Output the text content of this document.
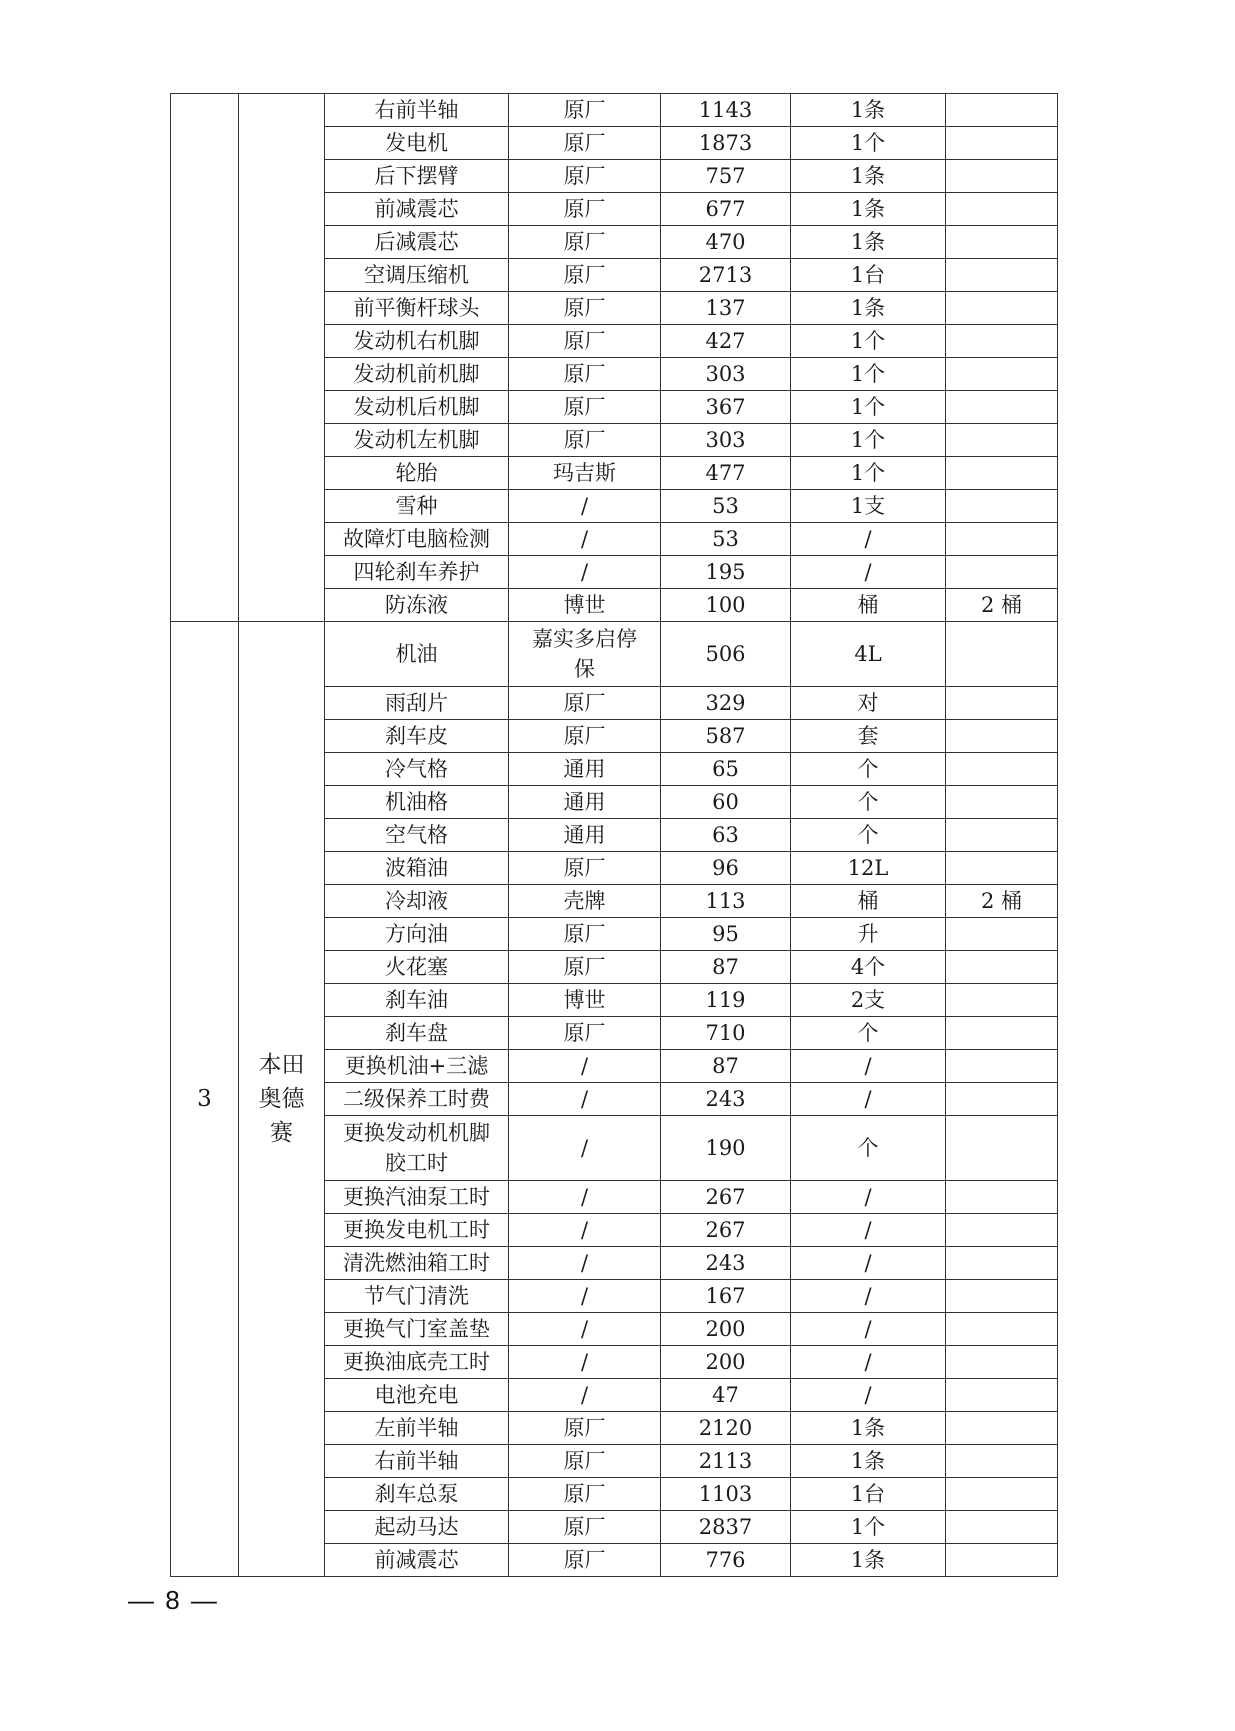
	右前半轴	原厂	1143	1条	
		发电机	原厂	1873	1个	
		后下摆臂	原厂	757	1条	
		前减震芯	原厂	677	1条	
		后减震芯	原厂	470	1条	
		空调压缩机	原厂	2713	1台	
		前平衡杆球头	原厂	137	1条	
		发动机右机脚	原厂	427	1个	
		发动机前机脚	原厂	303	1个	
		发动机后机脚	原厂	367	1个	
		发动机左机脚	原厂	303	1个	
		轮胎	玛吉斯	477	1个	
		雪种	/	53	1支	
		故障灯电脑检测	/	53	/	
		四轮刹车养护	/	195	/	
		防冻液	博世	100	桶	2 桶
3	本田奥德赛	机油	嘉实多启停保	506	4L	
		雨刮片	原厂	329	对	
		刹车皮	原厂	587	套	
		冷气格	通用	65	个	
		机油格	通用	60	个	
		空气格	通用	63	个	
		波箱油	原厂	96	12L	
		冷却液	壳牌	113	桶	2 桶
		方向油	原厂	95	升	
		火花塞	原厂	87	4个	
		刹车油	博世	119	2支	
		刹车盘	原厂	710	个	
		更换机油+三滤	/	87	/	
		二级保养工时费	/	243	/	
		更换发动机机脚胶工时	/	190	个	
		更换汽油泵工时	/	267	/	
		更换发电机工时	/	267	/	
		清洗燃油箱工时	/	243	/	
		节气门清洗	/	167	/	
		更换气门室盖垫	/	200	/	
		更换油底壳工时	/	200	/	
		电池充电	/	47	/	
		左前半轴	原厂	2120	1条	
		右前半轴	原厂	2113	1条	
		刹车总泵	原厂	1103	1台	
		起动马达	原厂	2837	1个	
		前减震芯	原厂	776	1条	
— 8 —
